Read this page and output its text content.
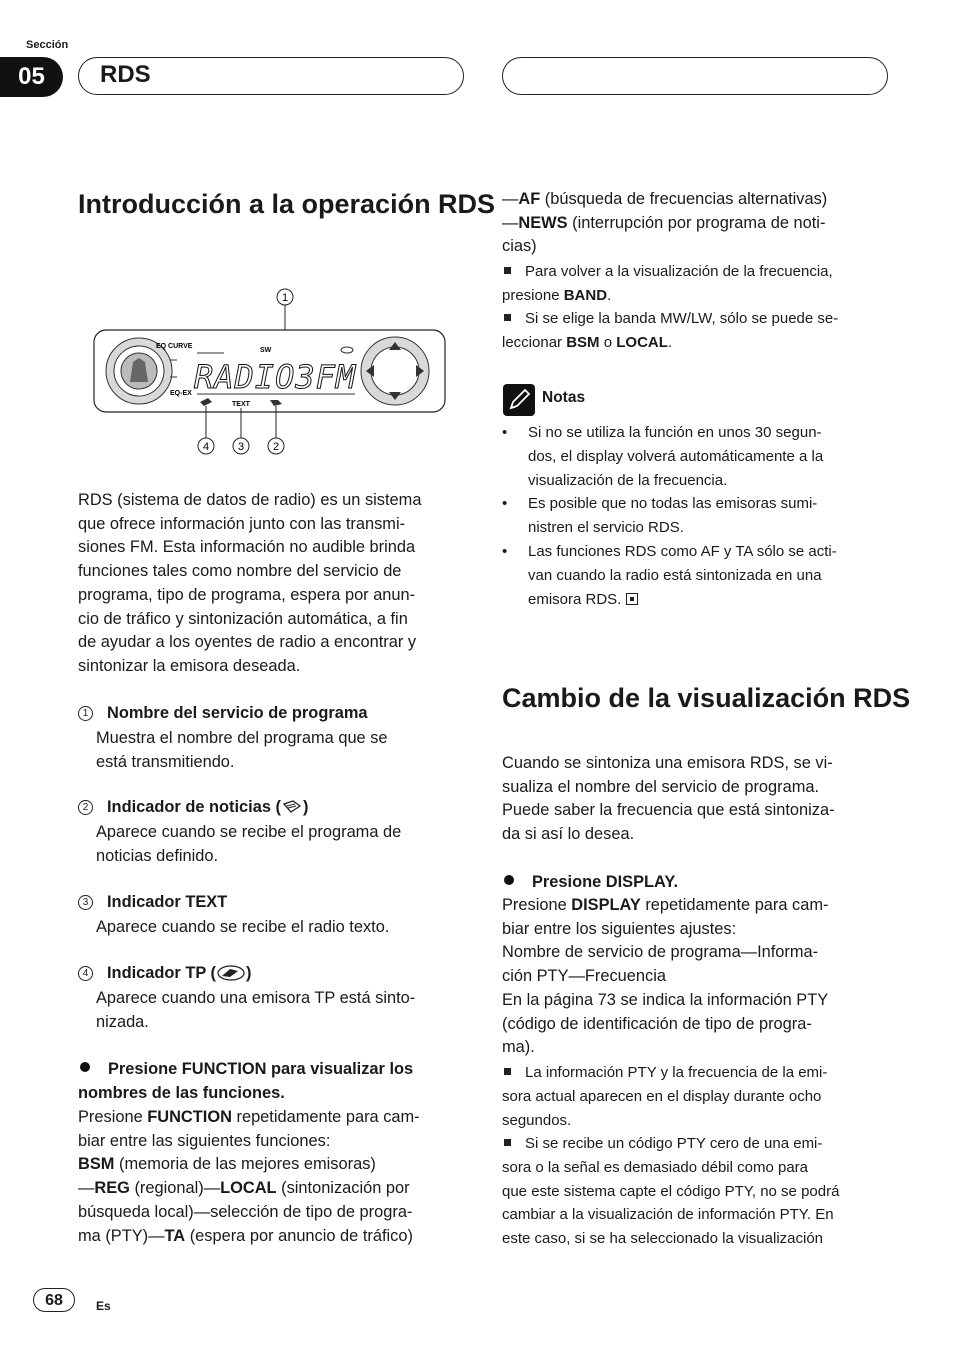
Sección
05	RDS
Introducción a la operación RDS
1
EQ CURVE
EQ-EX
SW
TEXT
RADIO3FM
4	3	2
RDS (sistema de datos de radio) es un sistema
que ofrece información junto con las transmi-
siones FM. Esta información no audible brinda
funciones tales como nombre del servicio de
programa, tipo de programa, espera por anun-
cio de tráfico y sintonización automática, a fin
de ayudar a los oyentes de radio a encontrar y
sintonizar la emisora deseada.
1 Nombre del servicio de programa
Muestra el nombre del programa que se
está transmitiendo.
2 Indicador de noticias ( )
Aparece cuando se recibe el programa de
noticias definido.
3 Indicador TEXT
Aparece cuando se recibe el radio texto.
4 Indicador TP ( )
Aparece cuando una emisora TP está sinto-
nizada.
Presione FUNCTION para visualizar los
nombres de las funciones.
Presione FUNCTION repetidamente para cam-
biar entre las siguientes funciones:
BSM (memoria de las mejores emisoras)
—REG (regional)—LOCAL (sintonización por
búsqueda local)—selección de tipo de progra-
ma (PTY)—TA (espera por anuncio de tráfico)
—AF (búsqueda de frecuencias alternativas)
—NEWS (interrupción por programa de noti-
cias)
Para volver a la visualización de la frecuencia,
presione BAND.
Si se elige la banda MW/LW, sólo se puede se-
leccionar BSM o LOCAL.
Notas
• Si no se utiliza la función en unos 30 segun-
dos, el display volverá automáticamente a la
visualización de la frecuencia.
• Es posible que no todas las emisoras sumi-
nistren el servicio RDS.
• Las funciones RDS como AF y TA sólo se acti-
van cuando la radio está sintonizada en una
emisora RDS.
Cambio de la visualización RDS
Cuando se sintoniza una emisora RDS, se vi-
sualiza el nombre del servicio de programa.
Puede saber la frecuencia que está sintoniza-
da si así lo desea.
Presione DISPLAY.
Presione DISPLAY repetidamente para cam-
biar entre los siguientes ajustes:
Nombre de servicio de programa—Informa-
ción PTY—Frecuencia
En la página 73 se indica la información PTY
(código de identificación de tipo de progra-
ma).
La información PTY y la frecuencia de la emi-
sora actual aparecen en el display durante ocho
segundos.
Si se recibe un código PTY cero de una emi-
sora o la señal es demasiado débil como para
que este sistema capte el código PTY, no se podrá
cambiar a la visualización de información PTY. En
este caso, si se ha seleccionado la visualización
68	Es
